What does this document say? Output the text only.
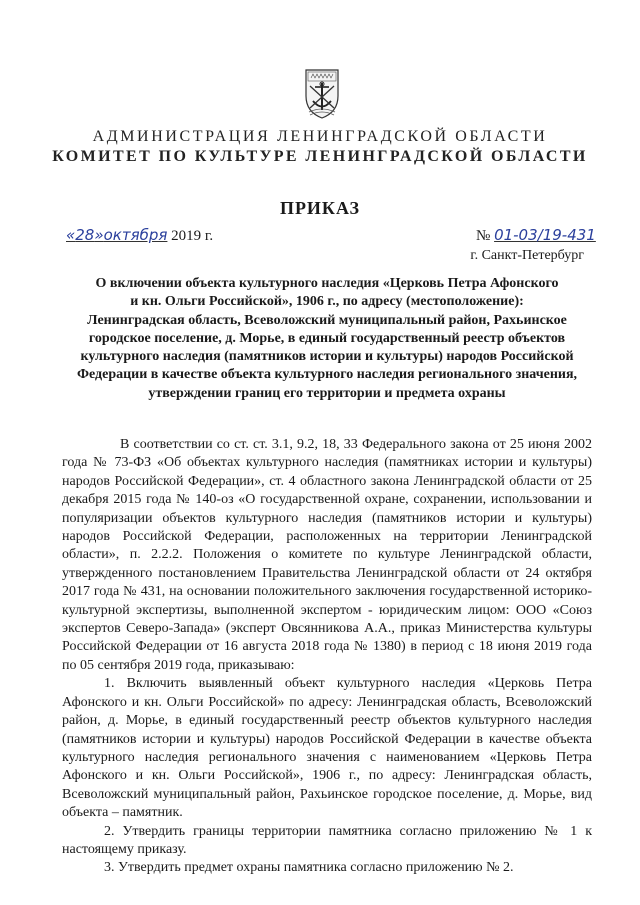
АДМИНИСТРАЦИЯ ЛЕНИНГРАДСКОЙ ОБЛАСТИ
КОМИТЕТ ПО КУЛЬТУРЕ ЛЕНИНГРАДСКОЙ ОБЛАСТИ
ПРИКАЗ
«28»октября 2019 г.	№ 01-03/19-431
г. Санкт-Петербург
О включении объекта культурного наследия «Церковь Петра Афонского
и кн. Ольги Российской», 1906 г., по адресу (местоположение):
Ленинградская область, Всеволожский муниципальный район, Рахьинское
городское поселение, д. Морье, в единый государственный реестр объектов
культурного наследия (памятников истории и культуры) народов Российской
Федерации в качестве объекта культурного наследия регионального значения,
утверждении границ его территории и предмета охраны

В соответствии со ст. ст. 3.1, 9.2, 18, 33 Федерального закона от 25 июня 2002 года № 73-ФЗ «Об объектах культурного наследия (памятниках истории и культуры) народов Российской Федерации», ст. 4 областного закона Ленинградской области от 25 декабря 2015 года № 140-оз «О государственной охране, сохранении, использовании и популяризации объектов культурного наследия (памятников истории и культуры) народов Российской Федерации, расположенных на территории Ленинградской области», п. 2.2.2. Положения о комитете по культуре Ленинградской области, утвержденного постановлением Правительства Ленинградской области от 24 октября 2017 года № 431, на основании положительного заключения государственной историко-культурной экспертизы, выполненной экспертом - юридическим лицом: ООО «Союз экспертов Северо-Запада» (эксперт Овсянникова А.А., приказ Министерства культуры Российской Федерации от 16 августа 2018 года № 1380) в период с 18 июня 2019 года по 05 сентября 2019 года, приказываю:

1. Включить выявленный объект культурного наследия «Церковь Петра Афонского и кн. Ольги Российской» по адресу: Ленинградская область, Всеволожский район, д. Морье, в единый государственный реестр объектов культурного наследия (памятников истории и культуры) народов Российской Федерации в качестве объекта культурного наследия регионального значения с наименованием «Церковь Петра Афонского и кн. Ольги Российской», 1906 г., по адресу: Ленинградская область, Всеволожский муниципальный район, Рахьинское городское поселение, д. Морье, вид объекта – памятник.

2. Утвердить границы территории памятника согласно приложению № 1 к настоящему приказу.

3. Утвердить предмет охраны памятника согласно приложению № 2.
